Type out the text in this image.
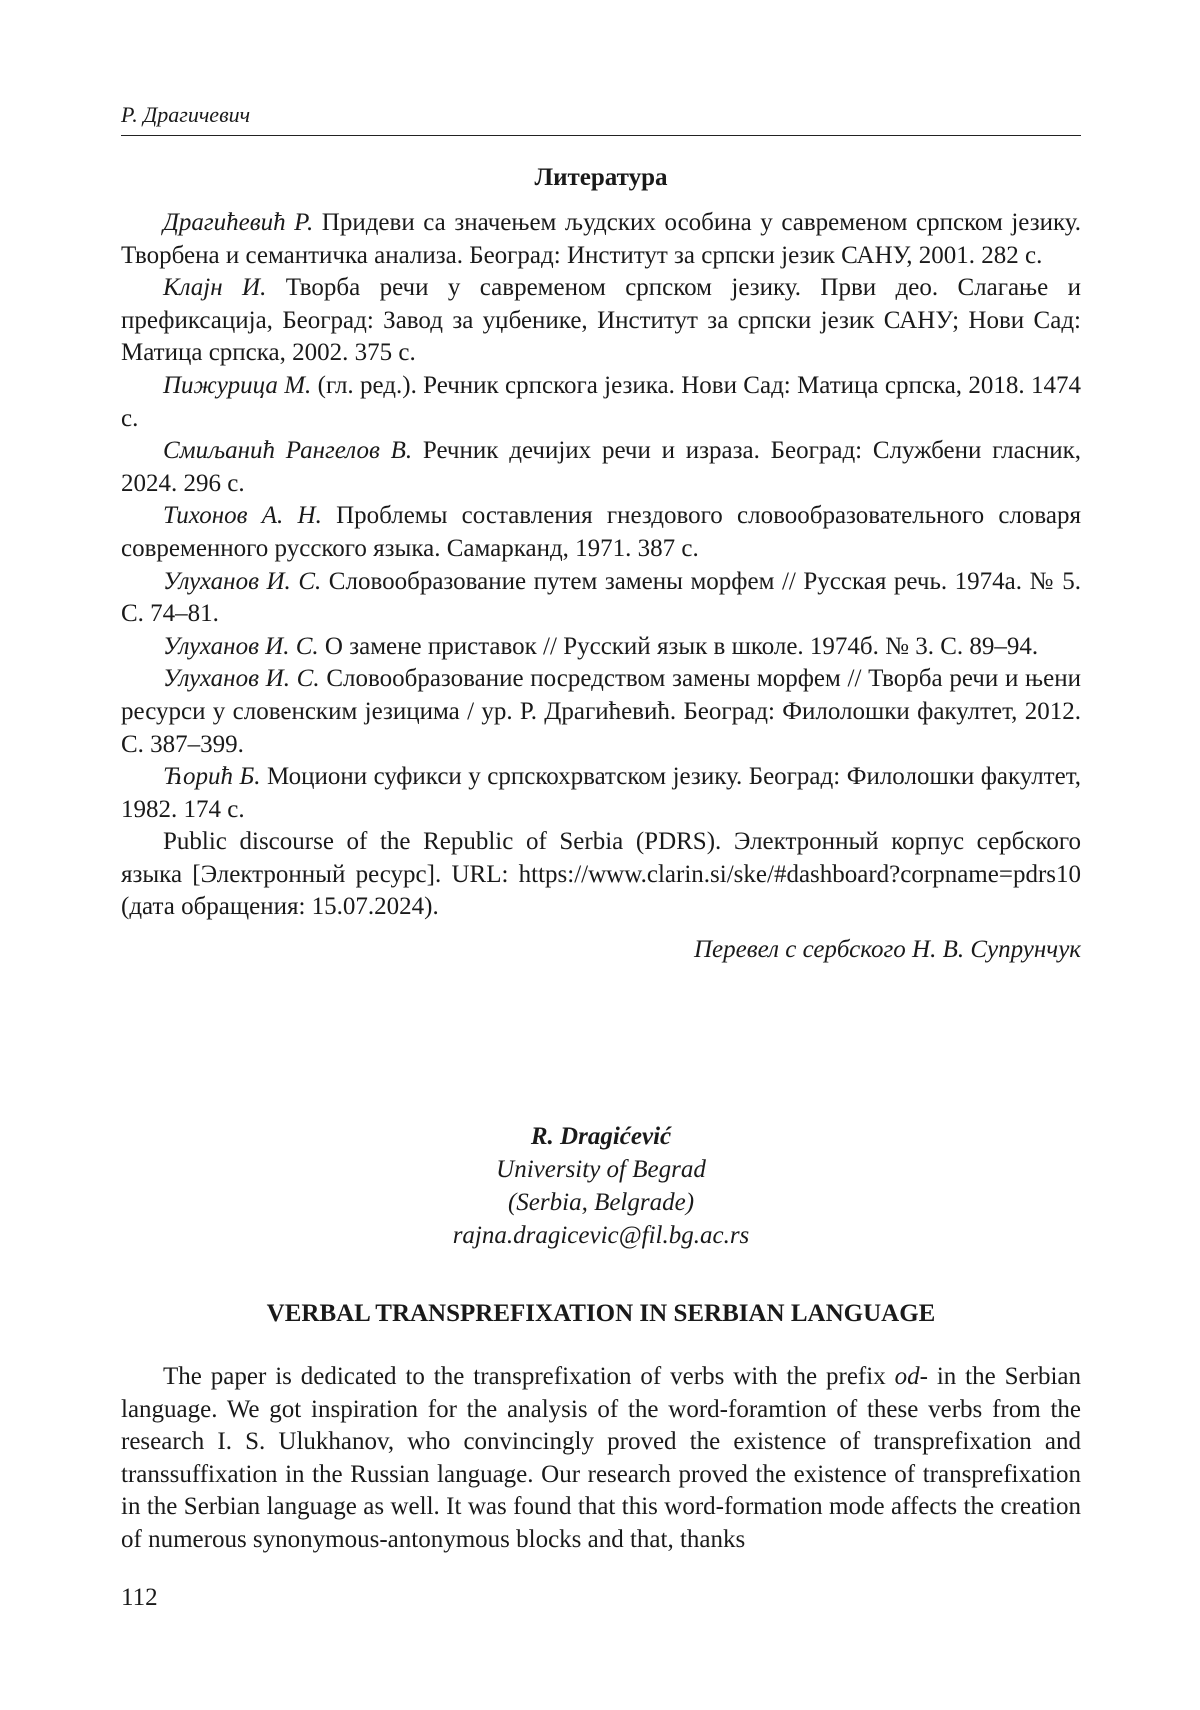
Р. Драгичевич
Литература

Драгићевић Р. Придеви са значењем људских особина у савременом српском језику. Творбена и семантичка анализа. Београд: Институт за српски језик САНУ, 2001. 282 с.

Клајн И. Творба речи у савременом српском језику. Први део. Слагање и префиксација, Београд: Завод за уџбенике, Институт за српски језик САНУ; Нови Сад: Матица српска, 2002. 375 с.

Пижурица М. (гл. ред.). Речник српскога језика. Нови Сад: Матица српска, 2018. 1474 с.

Смиљанић Рангелов В. Речник дечијих речи и израза. Београд: Службени гласник, 2024. 296 с.

Тихонов А. Н. Проблемы составления гнездового словообразовательного словаря современного русского языка. Самарканд, 1971. 387 с.

Улуханов И. С. Словообразование путем замены морфем // Русская речь. 1974а. № 5. С. 74–81.

Улуханов И. С. О замене приставок // Русский язык в школе. 1974б. № 3. С. 89–94.

Улуханов И. С. Словообразование посредством замены морфем // Творба речи и њени ресурси у словенским језицима / ур. Р. Драгићевић. Београд: Филолошки факултет, 2012. С. 387–399.

Ћорић Б. Моциони суфикси у српскохрватском језику. Београд: Филолошки факултет, 1982. 174 с.

Public discourse of the Republic of Serbia (PDRS). Электронный корпус сербского языка [Электронный ресурс]. URL: https://www.clarin.si/ske/#dashboard?corpname=pdrs10 (дата обращения: 15.07.2024).

Перевел с сербского Н. В. Супрунчук
R. Dragićević
University of Begrad
(Serbia, Belgrade)
rajna.dragicevic@fil.bg.ac.rs
VERBAL TRANSPREFIXATION IN SERBIAN LANGUAGE

The paper is dedicated to the transprefixation of verbs with the prefix od- in the Serbian language. We got inspiration for the analysis of the word-foramtion of these verbs from the research I. S. Ulukhanov, who convincingly proved the existence of transprefixation and transsuffixation in the Russian language. Our research proved the existence of transprefixation in the Serbian language as well. It was found that this word-formation mode affects the creation of numerous synonymous-antonymous blocks and that, thanks

112
